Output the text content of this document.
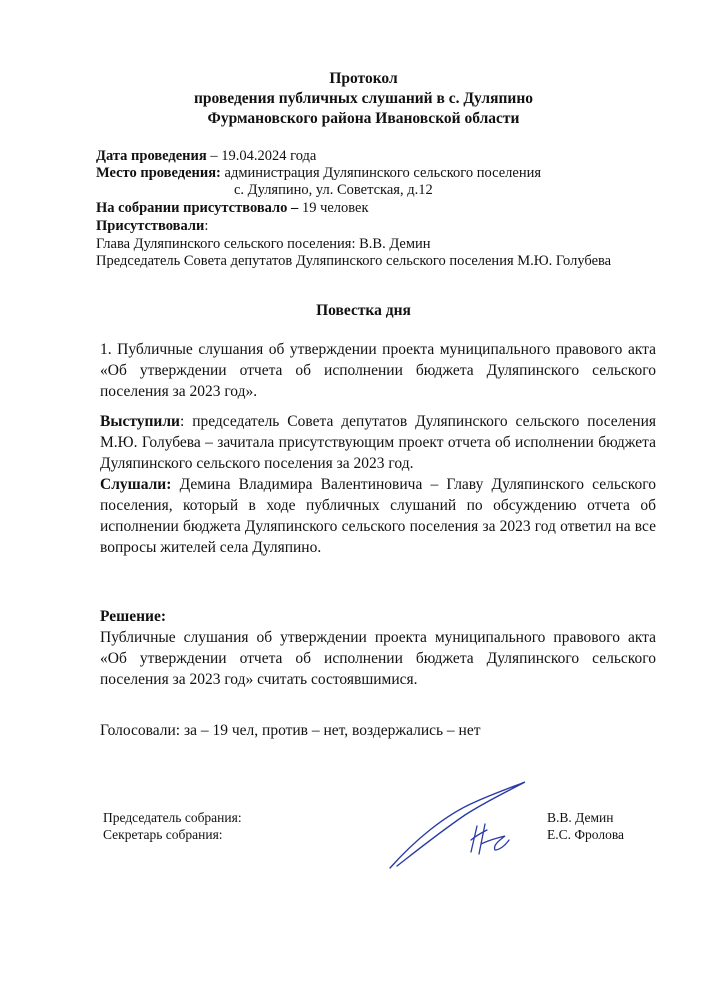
Протокол

проведения публичных слушаний в с. Дуляпино

Фурмановского района Ивановской области

Дата проведения – 19.04.2024 года

Место проведения: администрация Дуляпинского сельского поселения

с. Дуляпино, ул. Советская, д.12

На собрании присутствовало – 19 человек

Присутствовали:

Глава Дуляпинского сельского поселения: В.В. Демин

Председатель Совета депутатов Дуляпинского сельского поселения М.Ю. Голубева

Повестка дня

1. Публичные слушания об утверждении проекта муниципального правового акта «Об утверждении отчета об исполнении бюджета Дуляпинского сельского поселения за 2023 год».

Выступили: председатель Совета депутатов Дуляпинского сельского поселения М.Ю. Голубева – зачитала присутствующим проект отчета об исполнении бюджета Дуляпинского сельского поселения за 2023 год.

Слушали: Демина Владимира Валентиновича – Главу Дуляпинского сельского поселения, который в ходе публичных слушаний по обсуждению отчета об исполнении бюджета Дуляпинского сельского поселения за 2023 год ответил на все вопросы жителей села Дуляпино.

Решение:

Публичные слушания об утверждении проекта муниципального правового акта «Об утверждении отчета об исполнении бюджета Дуляпинского сельского поселения за 2023 год» считать состоявшимися.

Голосовали: за – 19 чел, против – нет, воздержались – нет

Председатель собрания:

Секретарь собрания:

В.В. Демин

Е.С. Фролова
